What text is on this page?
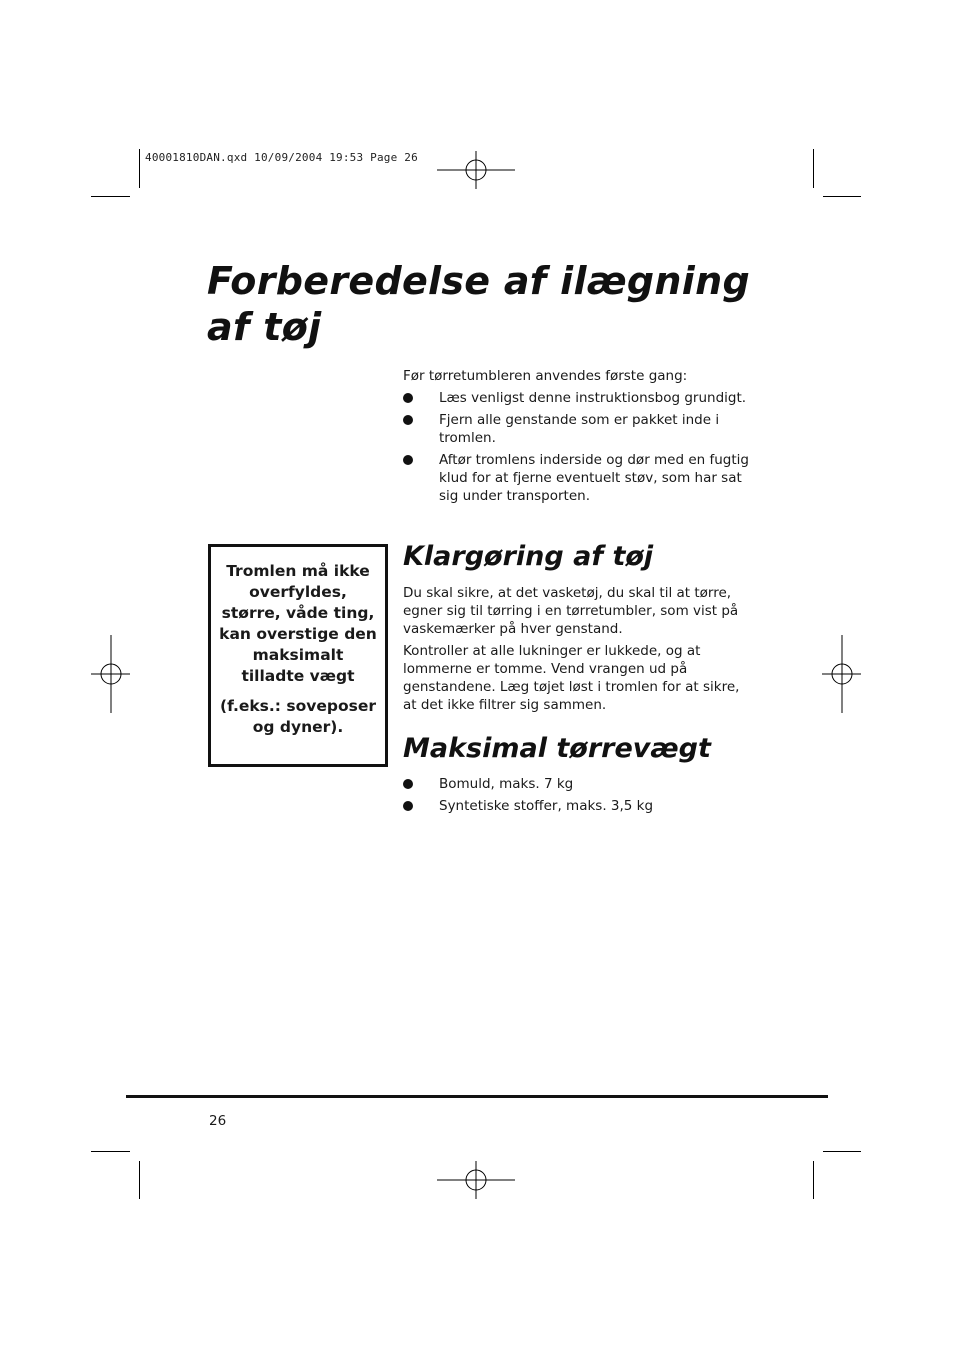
40001810DAN.qxd 10/09/2004 19:53 Page 26
Forberedelse af ilægning
af tøj

Før tørretumbleren anvendes første gang:

Læs venligst denne instruktionsbog grundigt.
Fjern alle genstande som er pakket inde i tromlen.
Aftør tromlens inderside og dør med en fugtig klud for at fjerne eventuelt støv, som har sat sig under transporten.
Klargøring af tøj

Du skal sikre, at det vasketøj, du skal til at tørre, egner sig til tørring i en tørretumbler, som vist på vaskemærker på hver genstand.

Kontroller at alle lukninger er lukkede, og at lommerne er tomme. Vend vrangen ud på genstandene. Læg tøjet løst i tromlen for at sikre, at det ikke filtrer sig sammen.

Maksimal tørrevægt
Bomuld, maks. 7 kg
Syntetiske stoffer, maks. 3,5 kg

Tromlen må ikke overfyldes, større, våde ting, kan overstige den maksimalt tilladte vægt

(f.eks.: soveposer og dyner).

26
